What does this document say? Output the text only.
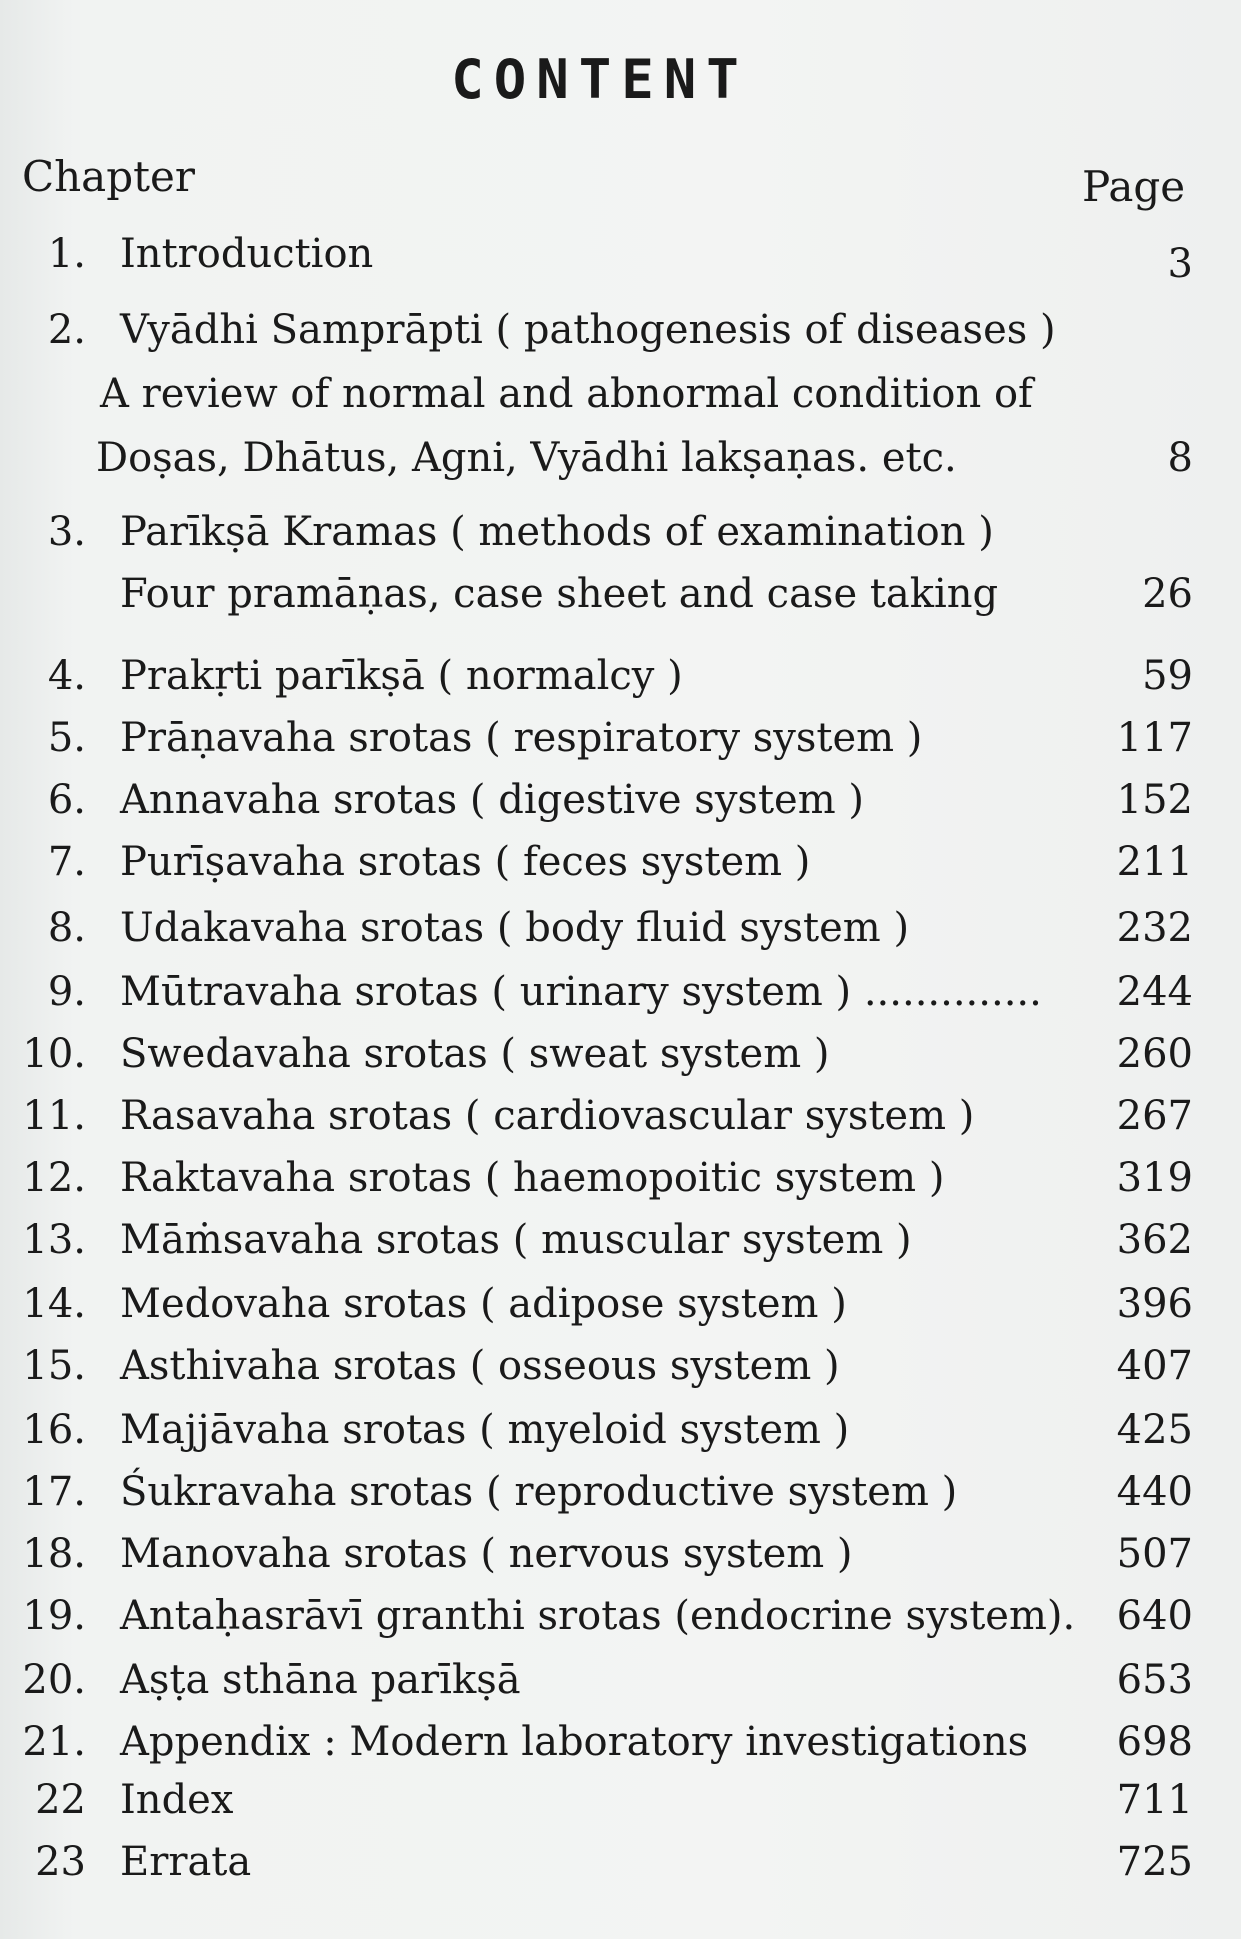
CONTENT
Chapter	Page
1. Introduction	3
2. Vyādhi Samprāpti ( pathogenesis of diseases )
A review of normal and abnormal condition of
Doṣas, Dhātus, Agni, Vyādhi lakṣaṇas. etc.	8
3. Parīkṣā Kramas ( methods of examination )
Four pramāṇas, case sheet and case taking	26
4. Prakṛti parīkṣā ( normalcy )	59
5. Prāṇavaha srotas ( respiratory system )	117
6. Annavaha srotas ( digestive system )	152
7. Purīṣavaha srotas ( feces system )	211
8. Udakavaha srotas ( body fluid system )	232
9. Mūtravaha srotas ( urinary system ) .............. 244
10. Swedavaha srotas ( sweat system )	260
11. Rasavaha srotas ( cardiovascular system )	267
12. Raktavaha srotas ( haemopoitic system )	319
13. Māṁsavaha srotas ( muscular system )	362
14. Medovaha srotas ( adipose system )	396
15. Asthivaha srotas ( osseous system )	407
16. Majjāvaha srotas ( myeloid system )	425
17. Śukravaha srotas ( reproductive system )	440
18. Manovaha srotas ( nervous system )	507
19. Antaḥasrāvī granthi srotas (endocrine system). 640
20. Aṣṭa sthāna parīkṣā	653
21. Appendix : Modern laboratory investigations 698
22 Index	711
23 Errata	725
